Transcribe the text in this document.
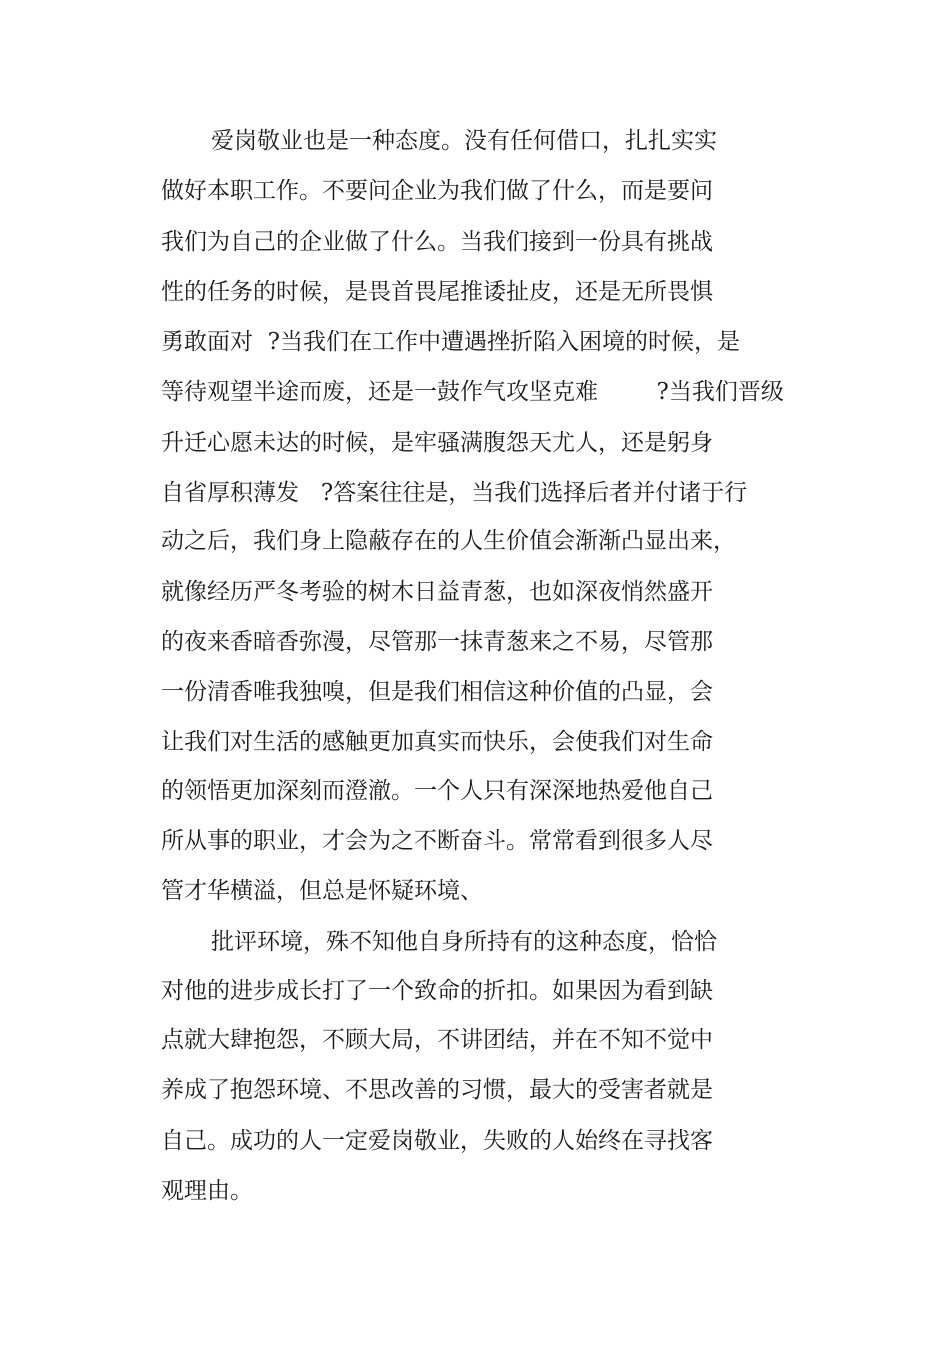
爱岗敬业也是一种态度。没有任何借口，扎扎实实

做好本职工作。不要问企业为我们做了什么，而是要问

我们为自己的企业做了什么。当我们接到一份具有挑战

性的任务的时候，是畏首畏尾推诿扯皮，还是无所畏惧

勇敢面对  ?当我们在工作中遭遇挫折陷入困境的时候，是

等待观望半途而废，还是一鼓作气攻坚克难        ?当我们晋级

升迁心愿未达的时候，是牢骚满腹怨天尤人，还是躬身

自省厚积薄发   ?答案往往是，当我们选择后者并付诸于行

动之后，我们身上隐蔽存在的人生价值会渐渐凸显出来，

就像经历严冬考验的树木日益青葱，也如深夜悄然盛开

的夜来香暗香弥漫，尽管那一抹青葱来之不易，尽管那

一份清香唯我独嗅，但是我们相信这种价值的凸显，会

让我们对生活的感触更加真实而快乐，会使我们对生命

的领悟更加深刻而澄澈。一个人只有深深地热爱他自己

所从事的职业，才会为之不断奋斗。常常看到很多人尽

管才华横溢，但总是怀疑环境、

批评环境，殊不知他自身所持有的这种态度，恰恰

对他的进步成长打了一个致命的折扣。如果因为看到缺

点就大肆抱怨，不顾大局，不讲团结，并在不知不觉中

养成了抱怨环境、不思改善的习惯，最大的受害者就是

自己。成功的人一定爱岗敬业，失败的人始终在寻找客

观理由。
